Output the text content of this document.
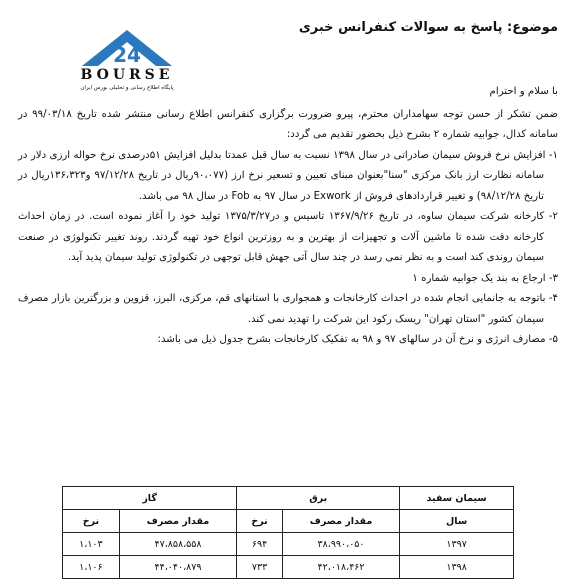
موضوع: پاسخ به سوالات کنفرانس خبری
24
BOURSE
پایگاه اطلاع رسانی و تحلیلی بورس ایران	با سلام و احترام

ضمن تشکر از حسن توجه سهامداران محترم، پیرو ضرورت برگزاری کنفرانس اطلاع رسانی منتشر شده تاریخ ۹۹/۰۳/۱۸ در سامانه کدال، جوابیه شماره ۲ بشرح ذیل بحضور تقدیم می گردد:

۱- افزایش نرخ فروش سیمان صادراتی در سال ۱۳۹۸ نسبت به سال قبل عمدتا بدلیل افزایش ۵۱درصدی نرخ حواله ارزی دلار در سامانه نظارت ارز بانک مرکزی "سنا"بعنوان مبنای تعیین و تسعیر نرخ ارز (۹۰،۰۷۷ریال در تاریخ ۹۷/۱۲/۲۸ و۱۳۶،۳۲۳ریال در تاریخ ۹۸/۱۲/۲۸) و تغییر قراردادهای فروش از Exwork در سال ۹۷ به Fob در سال ۹۸ می باشد.

۲- کارخانه شرکت سیمان ساوه، در تاریخ ۱۳۶۷/۹/۲۶ تاسیس و در۱۳۷۵/۳/۲۷ تولید خود را آغاز نموده است. در زمان احداث کارخانه دقت شده تا ماشین آلات و تجهیزات از بهترین و به روزترین انواع خود تهیه گردند. روند تغییر تکنولوژی در صنعت سیمان روندی کند است و به نظر نمی رسد در چند سال آتی جهش قابل توجهی در تکنولوژی تولید سیمان پدید آید.

۳- ارجاع به بند یک جوابیه شماره ۱

۴- باتوجه به جانمایی انجام شده در احداث کارخانجات و همجواری با استانهای قم، مرکزی، البرز، قزوین و بزرگترین بازار مصرف سیمان کشور "استان تهران" ریسک رکود این شرکت را تهدید نمی کند.

۵- مصارف انرژی و نرخ آن در سالهای ۹۷ و ۹۸ به تفکیک کارخانجات بشرح جدول ذیل می باشد:

سیمان سفید	برق		گاز	
سال	مقدار مصرف	نرخ	مقدار مصرف	نرخ
۱۳۹۷	۳۸،۹۹۰،۰۵۰	۶۹۴	۴۷،۸۵۸،۵۵۸	۱،۱۰۳
۱۳۹۸	۴۲،۰۱۸،۴۶۲	۷۳۳	۴۴،۰۴۰،۸۷۹	۱،۱۰۶
